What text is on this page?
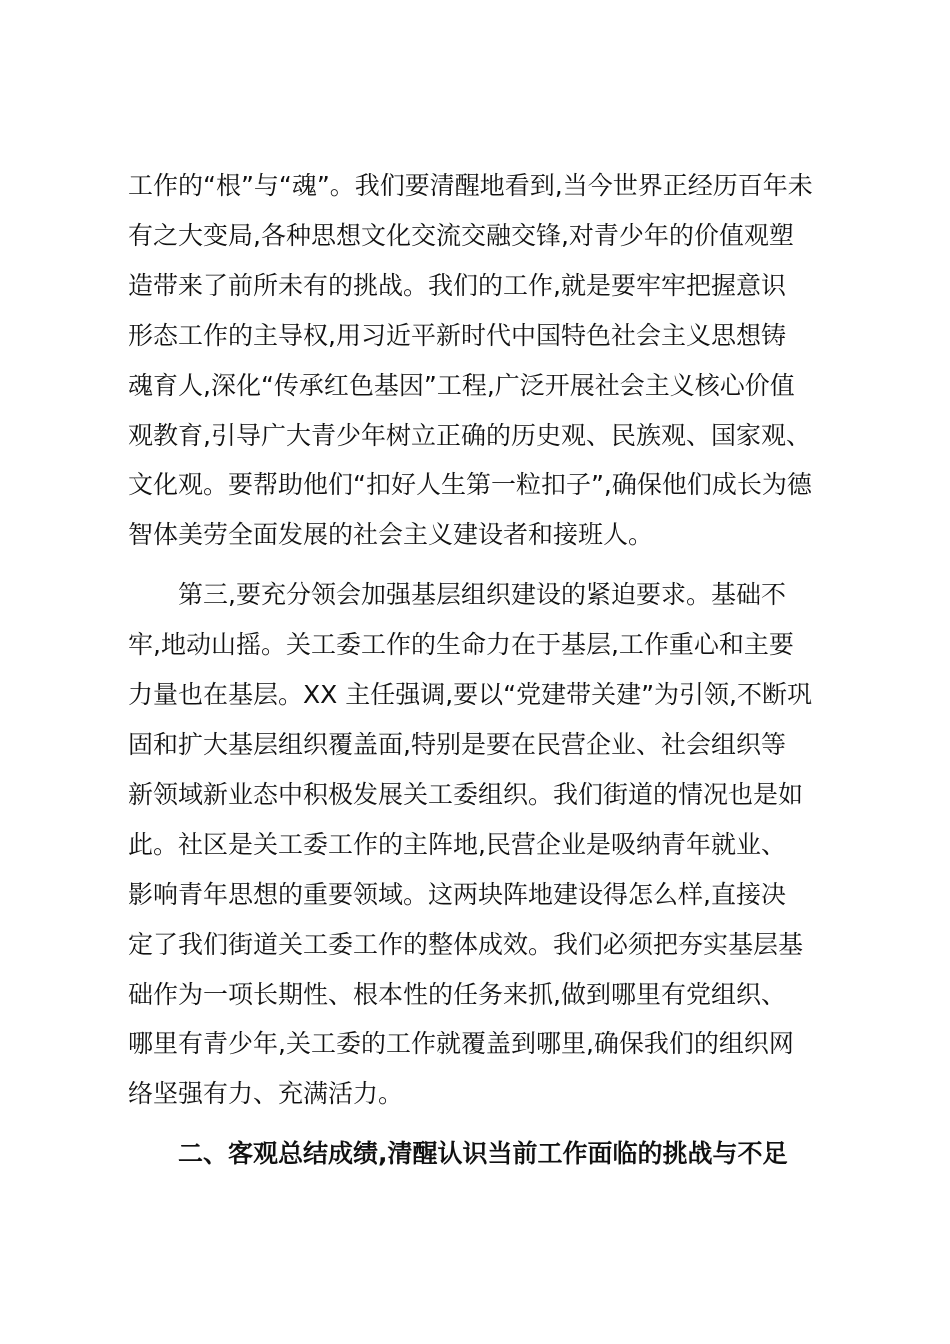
工作的“根”与“魂”。我们要清醒地看到,当今世界正经历百年未
有之大变局,各种思想文化交流交融交锋,对青少年的价值观塑
造带来了前所未有的挑战。我们的工作,就是要牢牢把握意识
形态工作的主导权,用习近平新时代中国特色社会主义思想铸
魂育人,深化“传承红色基因”工程,广泛开展社会主义核心价值
观教育,引导广大青少年树立正确的历史观、民族观、国家观、
文化观。要帮助他们“扣好人生第一粒扣子”,确保他们成长为德
智体美劳全面发展的社会主义建设者和接班人。
第三,要充分领会加强基层组织建设的紧迫要求。基础不
牢,地动山摇。关工委工作的生命力在于基层,工作重心和主要
力量也在基层。XX 主任强调,要以“党建带关建”为引领,不断巩
固和扩大基层组织覆盖面,特别是要在民营企业、社会组织等
新领域新业态中积极发展关工委组织。我们街道的情况也是如
此。社区是关工委工作的主阵地,民营企业是吸纳青年就业、
影响青年思想的重要领域。这两块阵地建设得怎么样,直接决
定了我们街道关工委工作的整体成效。我们必须把夯实基层基
础作为一项长期性、根本性的任务来抓,做到哪里有党组织、
哪里有青少年,关工委的工作就覆盖到哪里,确保我们的组织网
络坚强有力、充满活力。
二、客观总结成绩,清醒认识当前工作面临的挑战与不足
